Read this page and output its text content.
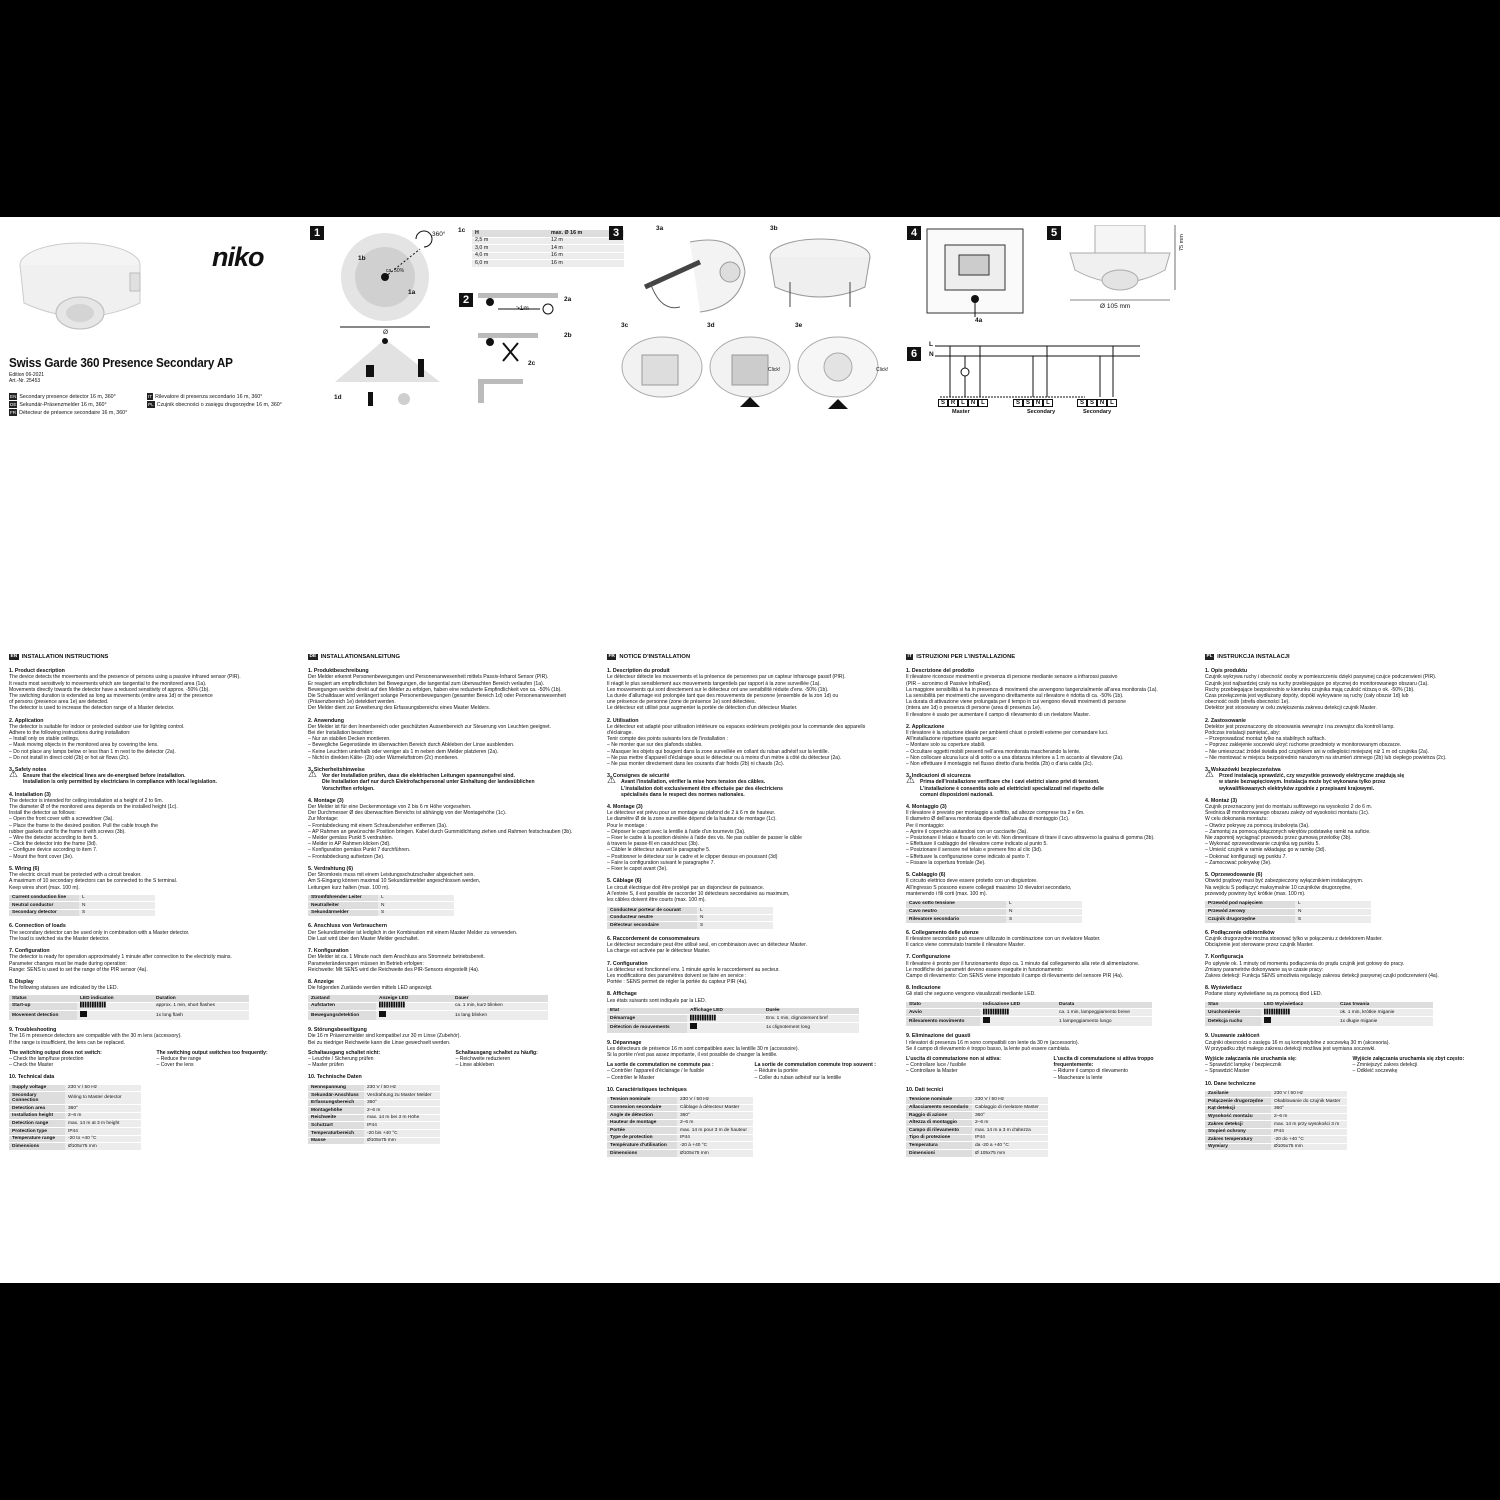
niko
Swiss Garde 360 Presence Secondary AP
Edition 06-2021
Art.-Nr. 25453
EN Secondary presence detector 16 m, 360°
DE Sekundär-Präsenzmelder 16 m, 360°
FR Détecteur de présence secondaire 16 m, 360°
IT Rilevatore di presenza secondario 16 m, 360°
PL Czujnik obecności o zasięgu drugorzędne 16 m, 360°
1	360°
1b
ca. 50%
1a
Ø
1d
1c H	max. Ø 16 m
2,5 m	12 m
3,0 m	14 m
4,0 m	16 m
6,0 m	16 m
2
>1m
2a
2b
2c
3	3a	3b
3c	3d	3e
Click!	Click!
4
4a
5
75 mm
Ø 105 mm
6
L
N
S R L	N L	S S N L	S S N L
Master	Secondary	Secondary
EN INSTALLATION INSTRUCTIONS
1. Product description

The device detects the movements and the presence of persons using a passive infrared sensor (PIR).
It reacts most sensitively to movements which are tangential to the monitored area (1a).
Movements directly towards the detector have a reduced sensitivity of approx. -50% (1b).
The switching duration is extended as long as movements (entire area 1d) or the presence
of persons (presence area 1e) are detected.
The detector is used to increase the detection range of a Master detector.

2. Application

The detector is suitable for indoor or protected outdoor use for lighting control.
Adhere to the following instructions during installation:
– Install only on stable ceilings.
– Mask moving objects in the monitored area by covering the lens.
– Do not place any lamps below or less than 1 m next to the detector (2a).
– Do not install in direct cold (2b) or hot air flows (2c).

3. Safety notes

⚠ Ensure that the electrical lines are de-energised before installation.
Installation is only permitted by electricians in compliance with local legislation.

4. Installation (3)

The detector is intended for ceiling installation at a height of 2 to 6m.
The diameter Ø of the monitored area depends on the installed height (1c).
Install the detector as follows:
– Open the front cover with a screwdriver (3a).
– Place the frame to the desired position. Pull the cable trough the
rubber gaskets and fix the frame it with screws (3b).
– Wire the detector according to item 5.
– Click the detector into the frame (3d).
– Configure device according to item 7.
– Mount the front cover (3e).

5. Wiring (6)

The electric circuit must be protected with a circuit breaker.
A maximum of 10 secondary detectors can be connected to the S terminal.
Keep wires short (max. 100 m).

Current conduction line	L
Neutral conductor	N
Secondary detector	S
6. Connection of loads

The secondary detector can be used only in combination with a Master detector.
The load is switched via the Master detector.

7. Configuration

The detector is ready for operation approximately 1 minute after connection to the electricity mains.
Parameter changes must be made during operation:
Range: SENS is used to set the range of the PIR sensor (4a).

8. Display

The following statuses are indicated by the LED.

Status	LED indication	Duration
Start-up	▌▌▌▌▌▌▌▌▌▌▌	approx. 1 min, short flashes
Movement detection		1x long flash
9. Troubleshooting

The 16 m presence detectors are compatible with the 30 m lens (accessory).
If the range is insufficient, the lens can be replaced.

The switching output does not switch:

– Check the lamp/fuse protection
– Check the Master

The switching output switches too frequently:

– Reduce the range
– Cover the lens

10. Technical data
Supply voltage	230 V / 50 Hz
Secondary Connection	Wiring to Master detector
Detection area	360°
Installation height	2–6 m
Detection range	max. 14 m at 3 m height
Protection type	IP44
Temperature range	-20 to +40 °C
Dimensions	Ø105x75 mm
DE INSTALLATIONSANLEITUNG
1. Produktbeschreibung

Der Melder erkennt Personenbewegungen und Personenanwesenheit mittels Passiv-Infrarot Sensor (PIR).
Er reagiert am empfindlichsten bei Bewegungen, die tangential zum überwachten Bereich verlaufen (1a).
Bewegungen welche direkt auf den Melder zu erfolgen, haben eine reduzierte Empfindlichkeit von ca. -50% (1b).
Die Schaltdauer wird verlängert solange Personenbewegungen (gesamter Bereich 1d) oder Personenanwesenheit
(Präsenzbereich 1e) detektiert werden.
Der Melder dient zur Erweiterung des Erfassungsbereichs eines Master Melders.

2. Anwendung

Der Melder ist für den Innenbereich oder geschützten Aussenbereich zur Steuerung von Leuchten geeignet.
Bei der Installation beachten:
– Nur an stabilen Decken montieren.
– Bewegliche Gegenstände im überwachten Bereich durch Abkleben der Linse ausblenden.
– Keine Leuchten unterhalb oder weniger als 1 m neben dem Melder platzieren (2a).
– Nicht in direkten Kälte- (2b) oder Wärmeluftstrom (2c) montieren.

3. Sicherheitshinweise

⚠ Vor der Installation prüfen, dass die elektrischen Leitungen spannungsfrei sind.
Die Installation darf nur durch Elektrofachpersonal unter Einhaltung der landesüblichen
Vorschriften erfolgen.

4. Montage (3)

Der Melder ist für eine Deckenmontage von 2 bis 6 m Höhe vorgesehen.
Der Durchmesser Ø des überwachten Bereichs ist abhängig von der Montagehöhe (1c).
Zur Montage:
– Frontabdeckung mit einem Schraubenzieher entfernen (3a).
– AP Rahmen an gewünschte Position bringen. Kabel durch Gummidichtung ziehen und Rahmen festschrauben (3b).
– Melder gemäss Punkt 5 verdrahten.
– Melder in AP Rahmen klicken (3d).
– Konfiguration gemäss Punkt 7 durchführen.
– Frontabdeckung aufsetzen (3e).

5. Verdrahtung (6)

Der Stromkreis muss mit einem Leistungsschutzschalter abgesichert sein.
Am S-Eingang können maximal 10 Sekundärmelder angeschlossen werden,
Leitungen kurz halten (max. 100 m).

Stromführender Leiter	L
Neutralleiter	N
Sekundärmelder	S
6. Anschluss von Verbrauchern

Der Sekundärmelder ist lediglich in der Kombination mit einem Master Melder zu verwenden.
Die Last wird über den Master Melder geschaltet.

7. Konfiguration

Der Melder ist ca. 1 Minute nach dem Anschluss ans Stromnetz betriebsbereit.
Parameteränderungen müssen im Betrieb erfolgen:
Reichweite: Mit SENS wird die Reichweite des PIR-Sensors eingestellt (4a).

8. Anzeige

Die folgenden Zustände werden mittels LED angezeigt.

Zustand	Anzeige LED	Dauer
Aufstarten	▌▌▌▌▌▌▌▌▌▌▌	ca. 1 min, kurz blinken
Bewegungsdetektion		1x lang blinken
9. Störungsbeseitigung

Die 16 m Präsenzmelder sind kompatibel zur 30 m Linse (Zubehör).
Bei zu niedriger Reichweite kann die Linse gewechselt werden.

Schaltausgang schaltet nicht:

– Leuchte / Sicherung prüfen
– Master prüfen

Schaltausgang schaltet zu häufig:

– Reichweite reduzieren
– Linse abkleben

10. Technische Daten
Nennspannung	230 V / 50 Hz
Sekundär-Anschluss	Verdrahtung zu Master Melder
Erfassungsbereich	360°
Montagehöhe	2–6 m
Reichweite	max. 14 m bei 3 m Höhe
Schutzart	IP44
Temperaturbereich	-20 bis +40 °C
Masse	Ø105x75 mm
FR NOTICE D'INSTALLATION
1. Description du produit

Le détecteur détecte les mouvements et la présence de personnes par un capteur infrarouge passif (PIR).
Il réagit le plus sensiblement aux mouvements tangentiels par rapport à la zone surveillée (1a).
Les mouvements qui sont directement sur le détecteur ont une sensibilité réduite d'env. -50% (1b).
La durée d'allumage est prolongée tant que des mouvements de personne (ensemble de la zon 1d) ou
une présence de personne (zone de présence 1e) sont détectées.
Le détecteur est utilisé pour augmenter la portée de détection d'un détecteur Master.

2. Utilisation

Le détecteur est adapté pour utilisation intérieure ou espaces extérieurs protégés pour la commande des appareils
d'éclairage.
Tenir compte des points suivants lors de l'installation :
– Ne monter que sur des plafonds stables.
– Masquer les objets qui bougent dans la zone surveillée en collant du ruban adhésif sur la lentille.
– Ne pas mettre d'appareil d'éclairage sous le détecteur ou à moins d'un mètre à côté du détecteur (2a).
– Ne pas monter directement dans les courants d'air froids (2b) ni chauds (2c).

3. Consignes de sécurité

⚠ Avant l'installation, vérifier la mise hors tension des câbles.
L'installation doit exclusivement être effectuée par des électriciens
spécialisés dans le respect des normes nationales.

4. Montage (3)

Le détecteur est prévu pour un montage au plafond de 2 à 6 m de hauteur.
Le diamètre Ø de la zone surveillée dépend de la hauteur de montage (1c).
Pour le montage :
– Déposer le capot avec la lentille à l'aide d'un tournevis (3a).
– Fixer le cadre à la position désirée à l'aide des vis. Ne pas oublier de passer le câble
à travers le passe-fil en caoutchouc (3b).
– Câbler le détecteur suivant le paragraphe 5.
– Positionner le détecteur sur le cadre et le clipper dessus en poussant (3d)
– Faire la configuration suivant le paragraphe 7.
– Fixer le capot avant (3e).

5. Câblage (6)

Le circuit électrique doit être protégé par un disjoncteur de puissance.
A l'entrée S, il est possible de raccorder 10 détecteurs secondaires au maximum,
les câbles doivent être courts (max. 100 m).

Conducteur porteur de courant	L
Conducteur neutre	N
Détecteur secondaire	S
6. Raccordement de consommateurs

Le détecteur secondaire peut être utilisé seul, en combinaison avec un détecteur Master.
La charge est activée par le détecteur Master.

7. Configuration

Le détecteur est fonctionnel env. 1 minute après le raccordement au secteur.
Les modifications des paramètres doivent se faire en service :
Portée : SENS permet de régler la portée du capteur PIR (4a).

8. Affichage

Les états suivants sont indiqués par la LED.

Etat	Affichage LED	Durée
Démarrage	▌▌▌▌▌▌▌▌▌▌▌	Env. 1 min, clignotement bref
Détection de mouvements		1x clignotement long
9. Dépannage

Les détecteurs de présence 16 m sont compatibles avec la lentille 30 m (accessoire).
Si la portée n'est pas assez importante, il est possible de changer la lentille.

La sortie de commutation ne commute pas :

– Contrôler l'appareil d'éclairage / le fusible
– Contrôler le Master

La sortie de commutation commute trop souvent :

– Réduire la portée
– Coller du ruban adhésif sur la lentille

10. Caractéristiques techniques
Tension nominale	230 V / 50 Hz
Connexion secondaire	Câblage à détecteur Master
Angle de détection	360°
Hauteur de montage	2–6 m
Portée	max. 14 m pour 3 m de hauteur
Type de protection	IP44
Température d'utilisation	-20 à +40 °C
Dimensions	Ø105x75 mm
IT ISTRUZIONI PER L'INSTALLAZIONE
1. Descrizione del prodotto

Il rilevatore riconosce movimenti e presenza di persone mediante sensore a infrarossi passivo
(PIR – acronimo di Passive InfraRed).
La maggiore sensibilità si ha in presenza di movimenti che avvengono tangenzialmente all'area monitorata (1a).
La sensibilità per movimenti che avvengono direttamente sul rilevatore è ridotta di ca. -50% (1b).
La durata di attivazione viene prolungata per il tempo in cui vengono rilevati movimenti di persone
(intera are 1d) o presenza di persone (area di presenza 1e).
Il rilevatore è usato per aumentare il campo di rilevamento di un rivelatore Master.

2. Applicazione

Il rilevatore è la soluzione ideale per ambienti chiusi o protetti esterne per comandare luci.
All'installazione rispettare quanto segue:
– Montare solo su coperture stabili.
– Occultare oggetti mobili presenti nell'area monitorata mascherando la lente.
– Non collocare alcuna luce al di sotto o a una distanza inferiore a 1 m accanto al rilevatore (2a).
– Non effettuare il montaggio nel flusso diretto d'aria fredda (2b) o d'aria calda (2c).

3. Indicazioni di sicurezza

⚠ Prima dell'installazione verificare che i cavi elettrici siano privi di tensioni.
L'installazione è consentita solo ad elettricisti specializzati nel rispetto delle
comuni disposizioni nazionali.

4. Montaggio (3)

Il rilevatore è previsto per montaggio a soffitto, ad altezze comprese tra 2 e 6m.
Il diametro Ø dell'area monitorata dipende dall'altezza di montaggio (1c).
Per il montaggio:
– Aprire il coperchio aiutandosi con un cacciavite (3a).
– Posizionare il telaio e fissarlo con le viti. Non dimenticare di tirare il cavo attraverso la guaina di gomma (3b).
– Effettuare il cablaggio del rilevatore come indicato al punto 5.
– Posizionare il sensore nel telaio e premere fino al clic (3d).
– Effettuare la configurazione come indicato al punto 7.
– Fissare la copertura frontale (3e).

5. Cablaggio (6)

Il circuito elettrico deve essere protetto con un disgiuntore.
All'ingresso S possono essere collegati massimo 10 rilevatori secondario,
mantenendo i fili corti (max. 100 m).

Cavo sotto tensione	L
Cavo neutro	N
Rilevatore secondario	S
6. Collegamento delle utenze

Il rilevatore secondario può essere utilizzato in combinazione con un rivelatore Master.
Il carico viene commutato tramite il rilevatore Master.

7. Configurazione

Il rilevatore è pronto per il funzionamento dopo ca. 1 minuto dal collegamento alla rete di alimentazione.
Le modifiche dei parametri devono essere eseguite in funzionamento:
Campo di rilevamento: Con SENS viene impostato il campo di rilevamento del sensore PIR (4a).

8. Indicazione

Gli stati che seguono vengono visualizzati mediante LED.

Stato	Indicazione LED	Durata
Avvio	▌▌▌▌▌▌▌▌▌▌▌	ca. 1 min, lampeggiamento breve
Rilevamento movimento		1 lampeggiamento lungo
9. Eliminazione dei guasti

I rilevatori di presenza 16 m sono compatibili con lente da 30 m (accessorio).
Se il campo di rilevamento è troppo basso, la lente può essere cambiata.

L'uscita di commutazione non si attiva:

– Controllare luce / fusibile
– Controllare la Master

L'uscita di commutazione si attiva troppo frequentemente:

– Ridurre il campo di rilevamento
– Mascherare la lente

10. Dati tecnici
Tensione nominale	230 V / 50 Hz
Allacciamento secondario	Cablaggio di rivelatore Master
Raggio di azione	360°
Altezza di montaggio	2–6 m
Campo di rilevamento	max. 14 m a 3 m d'altezza
Tipo di protezione	IP44
Temperatura	da -20 a +40 °C
Dimensioni	Ø 105x75 mm
PL INSTRUKCJA INSTALACJI
1. Opis produktu

Czujnik wykrywa ruchy i obecność osoby w pomieszczeniu dzięki pasywnej czujce podczerwieni (PIR).
Czujnik jest najbardziej czuły na ruchy przebiegające po stycznej do monitorowanego obszaru (1a).
Ruchy przebiegające bezpośrednio w kierunku czujnika mają czułość niższą o ok. -50% (1b).
Czas przełączenia jest wydłużany dopóty, dopóki wykrywane są ruchy (cały obszar 1d) lub
obecność osób (strefa obecności 1e).
Detektor jest stosowany w celu zwiększenia zakresu detekcji czujnik Master.

2. Zastosowanie

Detektor jest przeznaczony do stosowania wewnątrz i na zewnątrz dla kontroli lamp.
Podczas instalacji pamiętać, aby:
– Przeprowadzać montaż tylko na stabilnych sufitach.
– Poprzez zaklejenie soczewki ukryć ruchome przedmioty w monitorowanym obszarze.
– Nie umieszczać źródeł światła pod czujnikiem ani w odległości mniejszej niż 1 m od czujnika (2a).
– Nie montować w miejscu bezpośrednio narażonym na strumień zimnego (2b) lub ciepłego powietrza (2c).

3. Wskazówki bezpieczeństwa

⚠ Przed instalacją sprawdzić, czy wszystkie przewody elektryczne znajdują się
w stanie beznapięciowym. Instalacja może być wykonana tylko przez
wykwalifikowanych elektryków zgodnie z przepisami krajowymi.

4. Montaż (3)

Czujnik przeznaczony jest do montażu sufitowego na wysokości 2 do 6 m.
Średnica Ø monitorowanego obszaru zależy od wysokości montażu (1c).
W celu dokonania montażu:
– Otwórz pokrywę za pomocą śrubokręta (3a).
– Zamontuj za pomocą dołączonych wkrętów podstawkę ramki na suficie.
Nie zapomnij wyciągnąć przewodu przez gumową przelotkę (3b).
– Wykonać oprzewodowanie czujnika wg punktu 5.
– Umieść czujnik w ramie wkładając go w ramkę (3d).
– Dokonać konfiguracji wg punktu 7.
– Zamocować pokrywkę (3e).

5. Oprzewodowanie (6)

Obwód prądowy musi być zabezpieczony wyłącznikiem instalacyjnym.
Na wejściu S podłączyć maksymalnie 10 czujników drugorzędne,
przewody powinny być krótkie (max. 100 m).

Przewód pod napięciem	L
Przewód zerowy	N
Czujnik drugorzędne	S
6. Podłączenie odbiorników

Czujnik drugorzędne można stosować tylko w połączeniu z detektorem Master.
Obciążenie jest sterowane przez czujnik Master.

7. Konfiguracja

Po upływie ok. 1 minuty od momentu podłączenia do prądu czujnik jest gotowy do pracy.
Zmiany parametrów dokonywane są w czasie pracy:
Zakres detekcji: Funkcja SENS umożliwia regulację zakresu detekcji pasywnej czujki podczerwieni (4a).

8. Wyświetlacz

Podane stany wyświetlane są za pomocą diod LED.

Stan	LED Wyświetlacz	Czas trwania
Uruchomienie	▌▌▌▌▌▌▌▌▌▌▌	ok. 1 min, krótkie miganie
Detekcja ruchu		1x długie miganie
9. Usuwanie zakłóceń

Czujniki obecności o zasięgu 16 m są kompatybilne z soczewką 30 m (akcesoria).
W przypadku zbyt małego zakresu detekcji możliwa jest wymiana soczewki.

Wyjście załączania nie uruchamia się:

– Sprawdzić lampkę / bezpiecznik
– Sprawdzić Master

Wyjście załączania uruchamia się zbyt często:

– Zmniejszyć zakres detekcji
– Odkleić soczewkę

10. Dane techniczne
Zasilanie	230 V / 50 Hz
Połączenie drugorzędne	Okablowanie do czujnik Master
Kąt detekcji	360°
Wysokość montażu	2–6 m
Zakres detekcji	max. 14 m przy wysokości 3 m
Stopień ochrony	IP44
Zakres temperatury	-20 do +40 °C
Wymiary	Ø105x75 mm
